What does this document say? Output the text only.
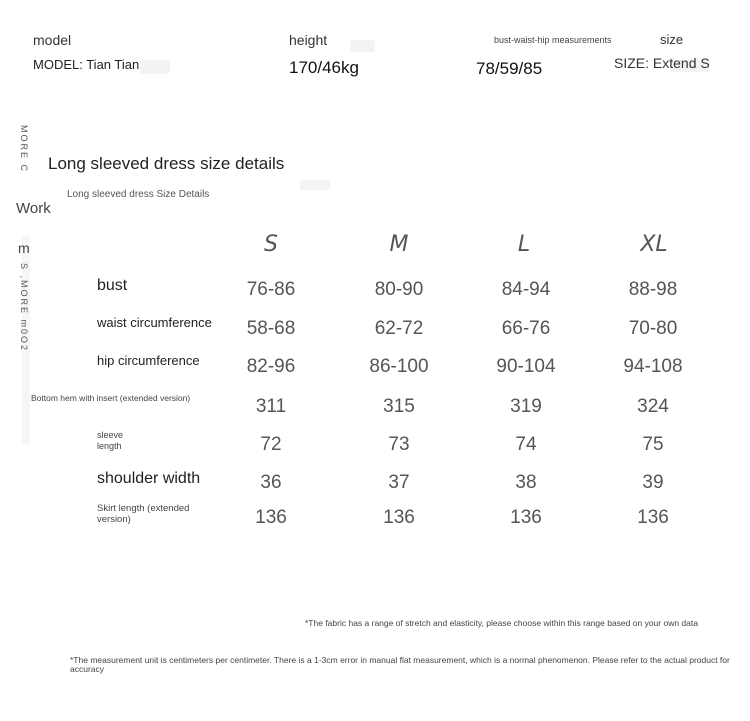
model	height	bust-waist-hip measurements	size
MODEL: Tian Tian	170/46kg	78/59/85	SIZE: Extend S
MORE C
Work
m
S ,MORE m0O2
Long sleeved dress size details
Long sleeved dress Size Details
S	M	L	XL
bust	76-86	80-90	84-94	88-98
waist circumference	58-68	62-72	66-76	70-80
hip circumference	82-96	86-100	90-104	94-108
Bottom hem with insert (extended version)	311	315	319	324
sleeve length	72	73	74	75
shoulder width	36	37	38	39
Skirt length (extended version)	136	136	136	136
*The fabric has a range of stretch and elasticity, please choose within this range based on your own data
*The measurement unit is centimeters per centimeter. There is a 1-3cm error in manual flat measurement, which is a normal phenomenon. Please refer to the actual product for accuracy
